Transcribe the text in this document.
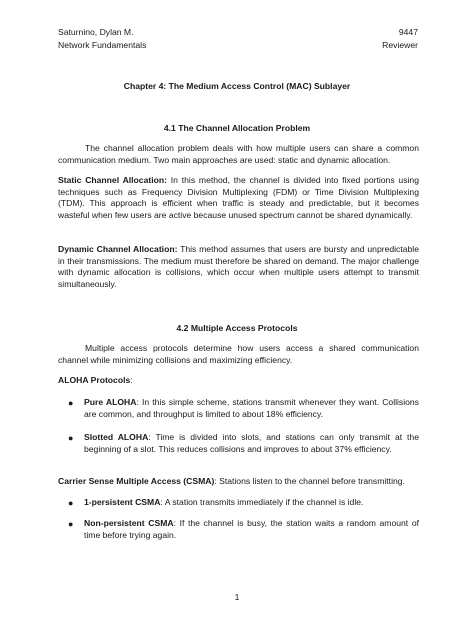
Saturnino, Dylan M.
Network Fundamentals
9447
Reviewer
Chapter 4: The Medium Access Control (MAC) Sublayer
4.1 The Channel Allocation Problem
The channel allocation problem deals with how multiple users can share a common communication medium. Two main approaches are used: static and dynamic allocation.
Static Channel Allocation: In this method, the channel is divided into fixed portions using techniques such as Frequency Division Multiplexing (FDM) or Time Division Multiplexing (TDM). This approach is efficient when traffic is steady and predictable, but it becomes wasteful when few users are active because unused spectrum cannot be shared dynamically.
Dynamic Channel Allocation: This method assumes that users are bursty and unpredictable in their transmissions. The medium must therefore be shared on demand. The major challenge with dynamic allocation is collisions, which occur when multiple users attempt to transmit simultaneously.
4.2 Multiple Access Protocols
Multiple access protocols determine how users access a shared communication channel while minimizing collisions and maximizing efficiency.
ALOHA Protocols:
● Pure ALOHA: In this simple scheme, stations transmit whenever they want. Collisions are common, and throughput is limited to about 18% efficiency.
● Slotted ALOHA: Time is divided into slots, and stations can only transmit at the beginning of a slot. This reduces collisions and improves to about 37% efficiency.
Carrier Sense Multiple Access (CSMA): Stations listen to the channel before transmitting.
● 1-persistent CSMA: A station transmits immediately if the channel is idle.
● Non-persistent CSMA: If the channel is busy, the station waits a random amount of time before trying again.
1
